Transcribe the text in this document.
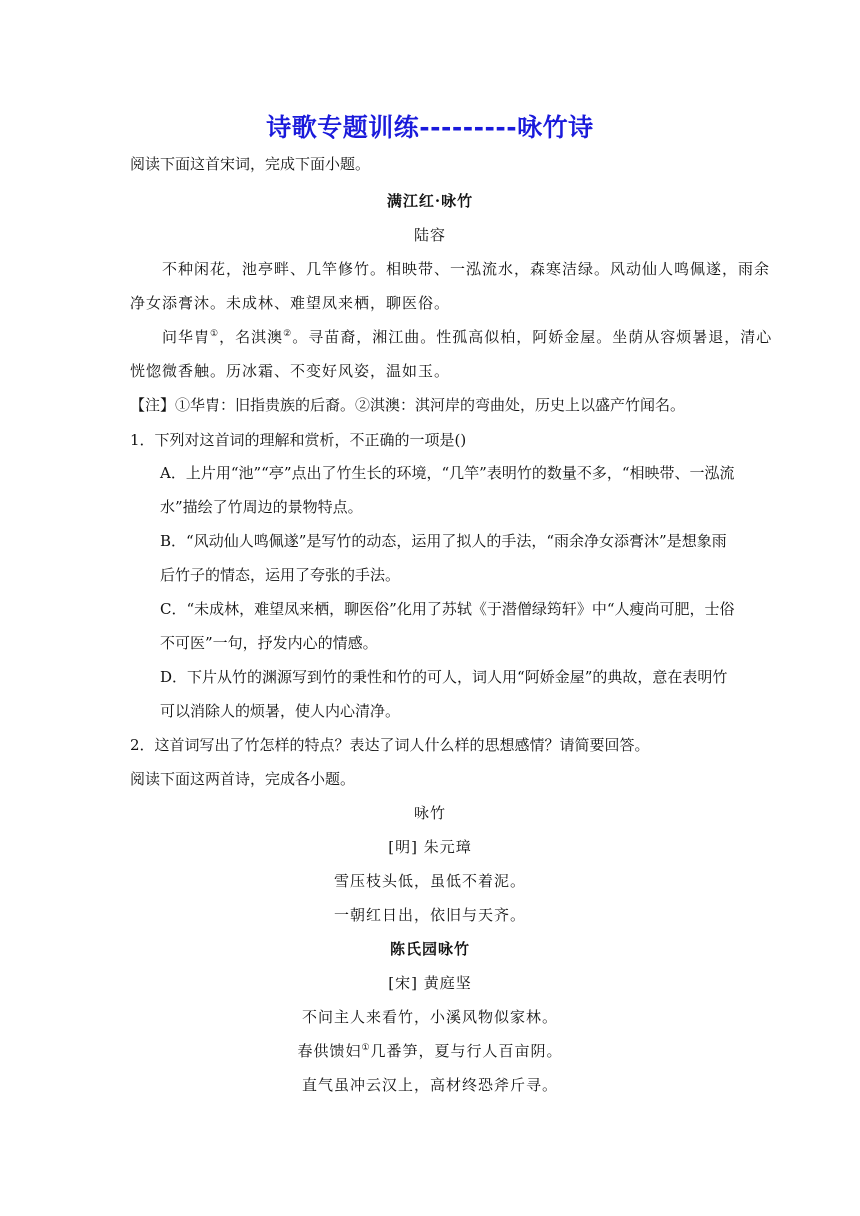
诗歌专题训练---------咏竹诗
阅读下面这首宋词，完成下面小题。
满江红·咏竹
陆容
不种闲花，池亭畔、几竿修竹。相映带、一泓流水，森寒洁绿。风动仙人鸣佩遂，雨余
净女添膏沐。未成林、难望凤来栖，聊医俗。
问华胄①，名淇澳②。寻苗裔，湘江曲。性孤高似柏，阿娇金屋。坐荫从容烦暑退，清心
恍惚微香触。历冰霜、不变好风姿，温如玉。
【注】①华胄：旧指贵族的后裔。②淇澳：淇河岸的弯曲处，历史上以盛产竹闻名。
1．下列对这首词的理解和赏析，不正确的一项是()
A．上片用“池”“亭”点出了竹生长的环境，“几竿”表明竹的数量不多，“相映带、一泓流
水”描绘了竹周边的景物特点。
B．“风动仙人鸣佩遂”是写竹的动态，运用了拟人的手法，“雨余净女添膏沐”是想象雨
后竹子的情态，运用了夸张的手法。
C．“未成林，难望凤来栖，聊医俗”化用了苏轼《于潜僧绿筠轩》中“人瘦尚可肥，士俗
不可医”一句，抒发内心的情感。
D．下片从竹的渊源写到竹的秉性和竹的可人，词人用“阿娇金屋”的典故，意在表明竹
可以消除人的烦暑，使人内心清净。
2．这首词写出了竹怎样的特点？表达了词人什么样的思想感情？请简要回答。
阅读下面这两首诗，完成各小题。
咏竹
[明] 朱元璋
雪压枝头低，虽低不着泥。
一朝红日出，依旧与天齐。
陈氏园咏竹
[宋] 黄庭坚
不问主人来看竹，小溪风物似家林。
春供馈妇①几番笋，夏与行人百亩阴。
直气虽冲云汉上，高材终恐斧斤寻。
